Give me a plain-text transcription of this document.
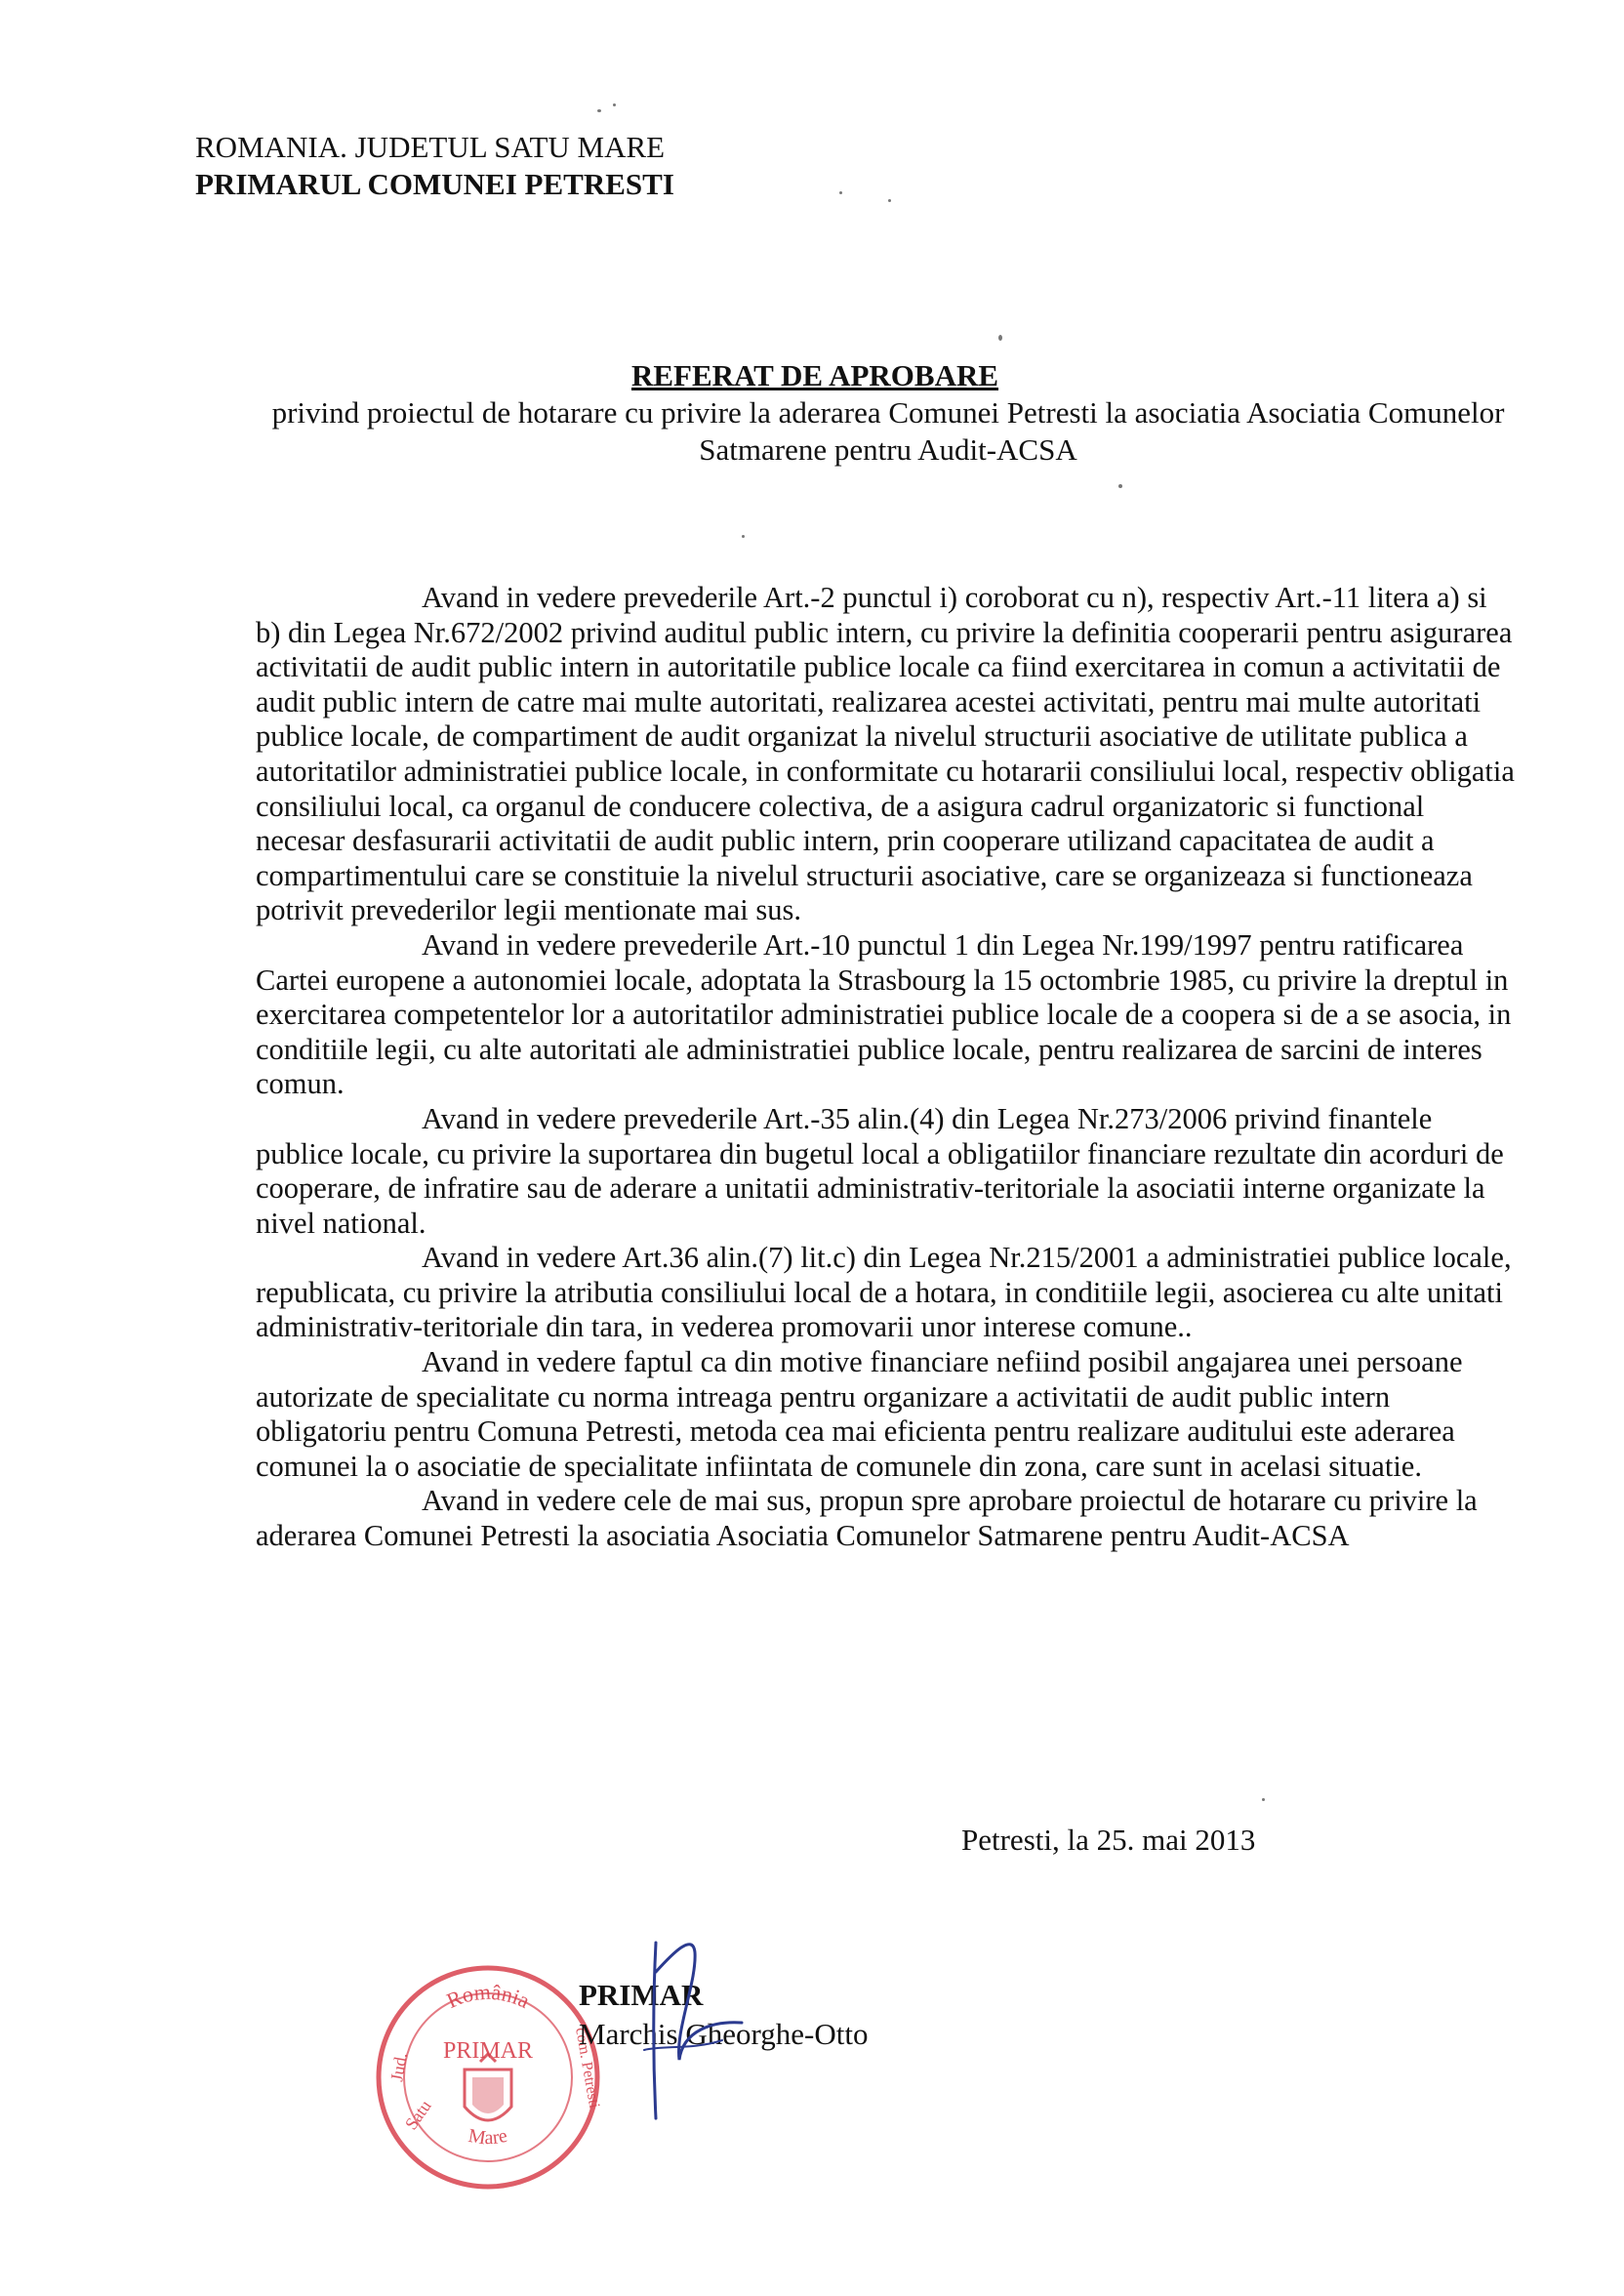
ROMANIA. JUDETUL SATU MARE
PRIMARUL COMUNEI PETRESTI
REFERAT DE APROBARE
privind proiectul de hotarare cu privire la aderarea Comunei Petresti la asociatia Asociatia Comunelor
Satmarene pentru Audit-ACSA

Avand in vedere prevederile Art.-2 punctul i) coroborat cu n), respectiv Art.-11 litera a) si b) din Legea Nr.672/2002 privind auditul public intern, cu privire la definitia cooperarii pentru asigurarea activitatii de audit public intern in autoritatile publice locale ca fiind exercitarea in comun a activitatii de audit public intern de catre mai multe autoritati, realizarea acestei activitati, pentru mai multe autoritati publice locale, de compartiment de audit organizat la nivelul structurii asociative de utilitate publica a autoritatilor administratiei publice locale, in conformitate cu hotararii consiliului local, respectiv obligatia consiliului local, ca organul de conducere colectiva, de a asigura cadrul organizatoric si functional necesar desfasurarii activitatii de audit public intern, prin cooperare utilizand capacitatea de audit a compartimentului care se constituie la nivelul structurii asociative, care se organizeaza si functioneaza potrivit prevederilor legii mentionate mai sus.

Avand in vedere prevederile Art.-10 punctul 1 din Legea Nr.199/1997 pentru ratificarea Cartei europene a autonomiei locale, adoptata la Strasbourg la 15 octombrie 1985, cu privire la dreptul in exercitarea competentelor lor a autoritatilor administratiei publice locale de a coopera si de a se asocia, in conditiile legii, cu alte autoritati ale administratiei publice locale, pentru realizarea de sarcini de interes comun.

Avand in vedere prevederile Art.-35 alin.(4) din Legea Nr.273/2006 privind finantele publice locale, cu privire la suportarea din bugetul local a obligatiilor financiare rezultate din acorduri de cooperare, de infratire sau de aderare a unitatii administrativ-teritoriale la asociatii interne organizate la nivel national.

Avand in vedere Art.36 alin.(7) lit.c) din Legea Nr.215/2001 a administratiei publice locale, republicata, cu privire la atributia consiliului local de a hotara, in conditiile legii, asocierea cu alte unitati administrativ-teritoriale din tara, in vederea promovarii unor interese comune..

Avand in vedere faptul ca din motive financiare nefiind posibil angajarea unei persoane autorizate de specialitate cu norma intreaga pentru organizare a activitatii de audit public intern obligatoriu pentru Comuna Petresti, metoda cea mai eficienta pentru realizare auditului este aderarea comunei la o asociatie de specialitate infiintata de comunele din zona, care sunt in acelasi situatie.

Avand in vedere cele de mai sus, propun spre aprobare proiectul de hotarare cu privire la aderarea Comunei Petresti la asociatia Asociatia Comunelor Satmarene pentru Audit-ACSA

Petresti, la 25. mai 2013
România
Mare
PRIMAR
Jud.
Satu
com. Petresti
PRIMAR
Marchis Gheorghe-Otto
